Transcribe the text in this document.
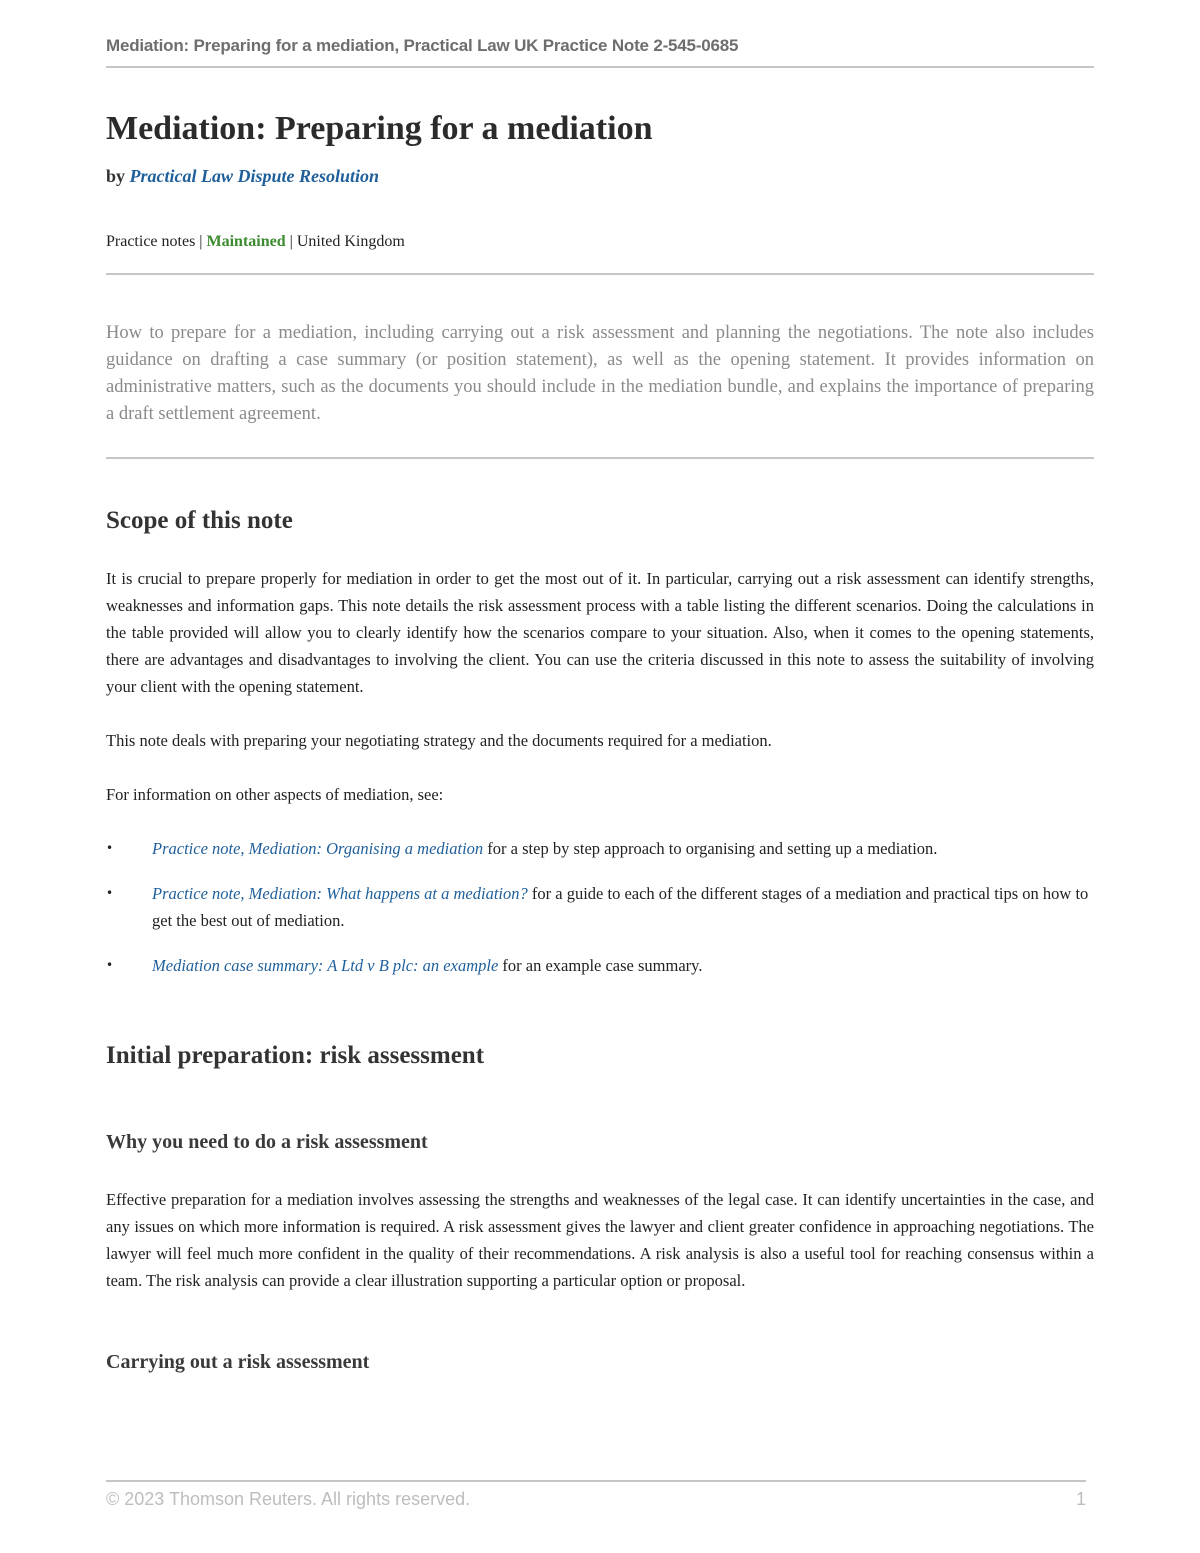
Mediation: Preparing for a mediation, Practical Law UK Practice Note 2-545-0685
Mediation: Preparing for a mediation
by Practical Law Dispute Resolution
Practice notes | Maintained | United Kingdom

How to prepare for a mediation, including carrying out a risk assessment and planning the negotiations. The note also includes guidance on drafting a case summary (or position statement), as well as the opening statement. It provides information on administrative matters, such as the documents you should include in the mediation bundle, and explains the importance of preparing a draft settlement agreement.

Scope of this note

It is crucial to prepare properly for mediation in order to get the most out of it. In particular, carrying out a risk assessment can identify strengths, weaknesses and information gaps. This note details the risk assessment process with a table listing the different scenarios. Doing the calculations in the table provided will allow you to clearly identify how the scenarios compare to your situation. Also, when it comes to the opening statements, there are advantages and disadvantages to involving the client. You can use the criteria discussed in this note to assess the suitability of involving your client with the opening statement.

This note deals with preparing your negotiating strategy and the documents required for a mediation.

For information on other aspects of mediation, see:

• Practice note, Mediation: Organising a mediation for a step by step approach to organising and setting up a mediation.
• Practice note, Mediation: What happens at a mediation? for a guide to each of the different stages of a mediation and practical tips on how to get the best out of mediation.
• Mediation case summary: A Ltd v B plc: an example for an example case summary.
Initial preparation: risk assessment
Why you need to do a risk assessment

Effective preparation for a mediation involves assessing the strengths and weaknesses of the legal case. It can identify uncertainties in the case, and any issues on which more information is required. A risk assessment gives the lawyer and client greater confidence in approaching negotiations. The lawyer will feel much more confident in the quality of their recommendations. A risk analysis is also a useful tool for reaching consensus within a team. The risk analysis can provide a clear illustration supporting a particular option or proposal.

Carrying out a risk assessment
© 2023 Thomson Reuters. All rights reserved.	1
